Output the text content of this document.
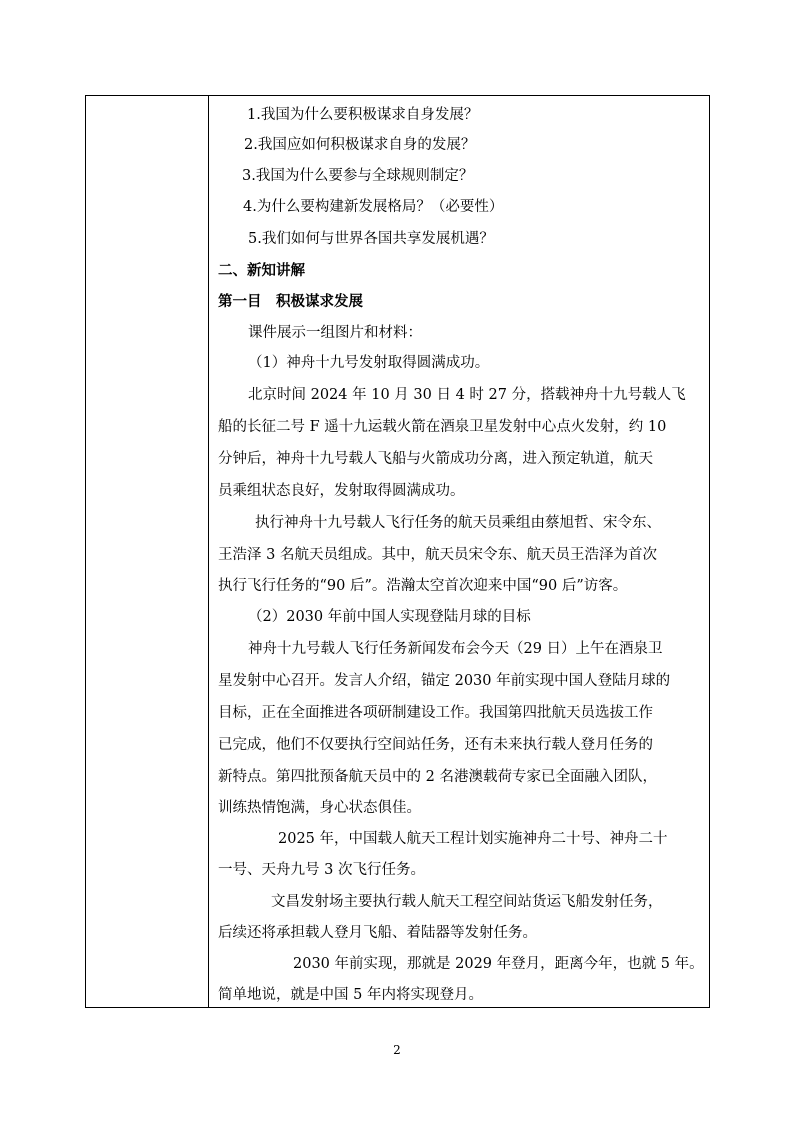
1.我国为什么要积极谋求自身发展？
2.我国应如何积极谋求自身的发展？
3.我国为什么要参与全球规则制定？
4.为什么要构建新发展格局？（必要性）
5.我们如何与世界各国共享发展机遇？
二、新知讲解
第一目　积极谋求发展
课件展示一组图片和材料：
（1）神舟十九号发射取得圆满成功。
北京时间 2024 年 10 月 30 日 4 时 27 分，搭载神舟十九号载人飞
船的长征二号 F 遥十九运载火箭在酒泉卫星发射中心点火发射，约 10
分钟后，神舟十九号载人飞船与火箭成功分离，进入预定轨道，航天
员乘组状态良好，发射取得圆满成功。
执行神舟十九号载人飞行任务的航天员乘组由蔡旭哲、宋令东、
王浩泽 3 名航天员组成。其中，航天员宋令东、航天员王浩泽为首次
执行飞行任务的“90 后”。浩瀚太空首次迎来中国“90 后”访客。
（2）2030 年前中国人实现登陆月球的目标
神舟十九号载人飞行任务新闻发布会今天（29 日）上午在酒泉卫
星发射中心召开。发言人介绍，锚定 2030 年前实现中国人登陆月球的
目标，正在全面推进各项研制建设工作。我国第四批航天员选拔工作
已完成，他们不仅要执行空间站任务，还有未来执行载人登月任务的
新特点。第四批预备航天员中的 2 名港澳载荷专家已全面融入团队，
训练热情饱满，身心状态俱佳。
2025 年，中国载人航天工程计划实施神舟二十号、神舟二十
一号、天舟九号 3 次飞行任务。
文昌发射场主要执行载人航天工程空间站货运飞船发射任务，
后续还将承担载人登月飞船、着陆器等发射任务。
2030 年前实现，那就是 2029 年登月，距离今年，也就 5 年。
简单地说，就是中国 5 年内将实现登月。
2
